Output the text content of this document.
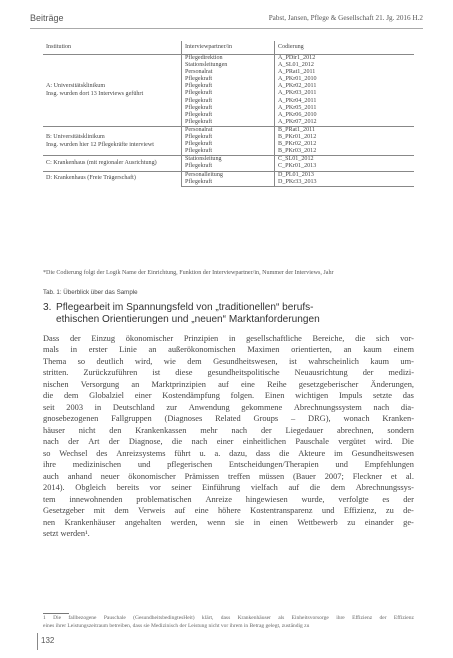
Beiträge	Pabst, Jansen, Pflege & Gesellschaft 21. Jg. 2016 H.2
Institution	Interviewpartner/in	Codierung

A: Universitätsklinikum
Insg. wurden dort 13 Interviews geführt	Pflegedirektion	A_PDir1_2012
	Stationsleitungen	A_SL01_2012
	Personalrat	A_PRat1_2011
	Pflegekraft	A_PKr01_2010
	Pflegekraft	A_PKr02_2011
	Pflegekraft	A_PKr03_2011
	Pflegekraft	A_PKr04_2011
	Pflegekraft	A_PKr05_2011
	Pflegekraft	A_PKr06_2010
	Pflegekraft	A_PKr07_2012

B: Universitätsklinikum
Insg. wurden hier 12 Pflegekräfte interviewt	Personalrat	B_PRat1_2011
	Pflegekraft	B_PKr01_2012
	Pflegekraft	B_PKr02_2012
	Pflegekraft	B_PKr03_2012

C: Krankenhaus (mit regionaler Ausrichtung)	Stationsleitung	C_SL01_2012
	Pflegekraft	C_PKr01_2013

D: Krankenhaus (Freie Trägerschaft)	Personalleitung	D_PL01_2013
	Pflegekraft	D_PKr33_2013
*Die Codierung folgt der Logik Name der Einrichtung, Funktion der Interviewpartner/in, Nummer der Interviews, Jahr
Tab. 1: Überblick über das Sample
3. Pflegearbeit im Spannungsfeld von „traditionellen“ berufs-
ethischen Orientierungen und „neuen“ Marktanforderungen
Dass der Einzug ökonomischer Prinzipien in gesellschaftliche Bereiche, die sich vor-
mals in erster Linie an außerökonomischen Maximen orientierten, an kaum einem
Thema so deutlich wird, wie dem Gesundheitswesen, ist wahrscheinlich kaum um-
stritten. Zurückzuführen ist diese gesundheitspolitische Neuausrichtung der medizi-
nischen Versorgung an Marktprinzipien auf eine Reihe gesetzgeberischer Änderungen,
die dem Globalziel einer Kostendämpfung folgen. Einen wichtigen Impuls setzte das
seit 2003 in Deutschland zur Anwendung gekommene Abrechnungssystem nach dia-
gnosebezogenen Fallgruppen (Diagnoses Related Groups – DRG), wonach Kranken-
häuser nicht den Krankenkassen mehr nach der Liegedauer abrechnen, sondern
nach der Art der Diagnose, die nach einer einheitlichen Pauschale vergütet wird. Die
so Wechsel des Anreizsystems führt u. a. dazu, dass die Akteure im Gesundheitswesen
ihre medizinischen und pflegerischen Entscheidungen/Therapien und Empfehlungen
auch anhand neuer ökonomischer Prämissen treffen müssen (Bauer 2007; Fleckner et al.
2014). Obgleich bereits vor seiner Einführung vielfach auf die dem Abrechnungssys-
tem innewohnenden problematischen Anreize hingewiesen wurde, verfolgte es der
Gesetzgeber mit dem Verweis auf eine höhere Kostentransparenz und Effizienz, zu de-
nen Krankenhäuser angehalten werden, wenn sie in einen Wettbewerb zu einander ge-
setzt werden¹.
1 Die fallbezogene Pauschale (GesundheitsbedingtesHeit) klärt, dass Krankenhäuser als Einheitsvorsorge ihre Effizienz der Effizienz
eines ihrer Leistungszeitraum betreiben, dass sie Medizinisch der Leistung nicht vor ihrem in Betrag gelegt, zuständig zu
132
